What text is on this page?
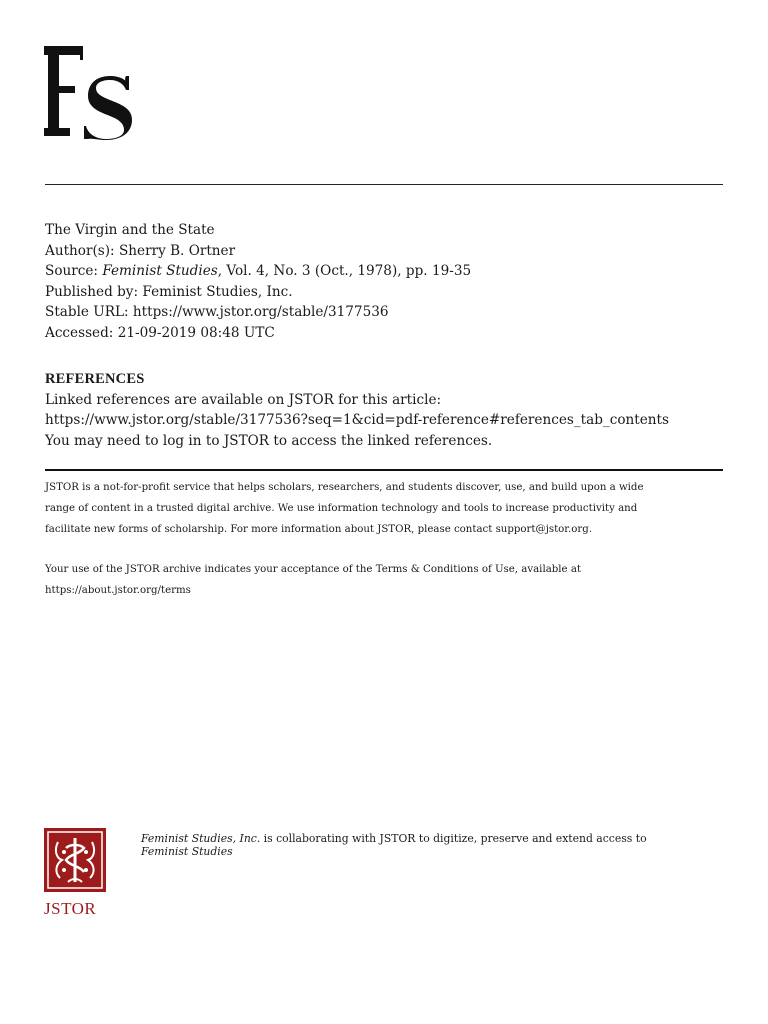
The Virgin and the State
Author(s): Sherry B. Ortner
Source: Feminist Studies, Vol. 4, No. 3 (Oct., 1978), pp. 19-35
Published by: Feminist Studies, Inc.
Stable URL: https://www.jstor.org/stable/3177536
Accessed: 21-09-2019 08:48 UTC
REFERENCES
Linked references are available on JSTOR for this article:
https://www.jstor.org/stable/3177536?seq=1&cid=pdf-reference#references_tab_contents
You may need to log in to JSTOR to access the linked references.
JSTOR is a not-for-profit service that helps scholars, researchers, and students discover, use, and build upon a wide
range of content in a trusted digital archive. We use information technology and tools to increase productivity and
facilitate new forms of scholarship. For more information about JSTOR, please contact support@jstor.org.
Your use of the JSTOR archive indicates your acceptance of the Terms & Conditions of Use, available at
https://about.jstor.org/terms
JSTOR
Feminist Studies, Inc. is collaborating with JSTOR to digitize, preserve and extend access to
Feminist Studies
